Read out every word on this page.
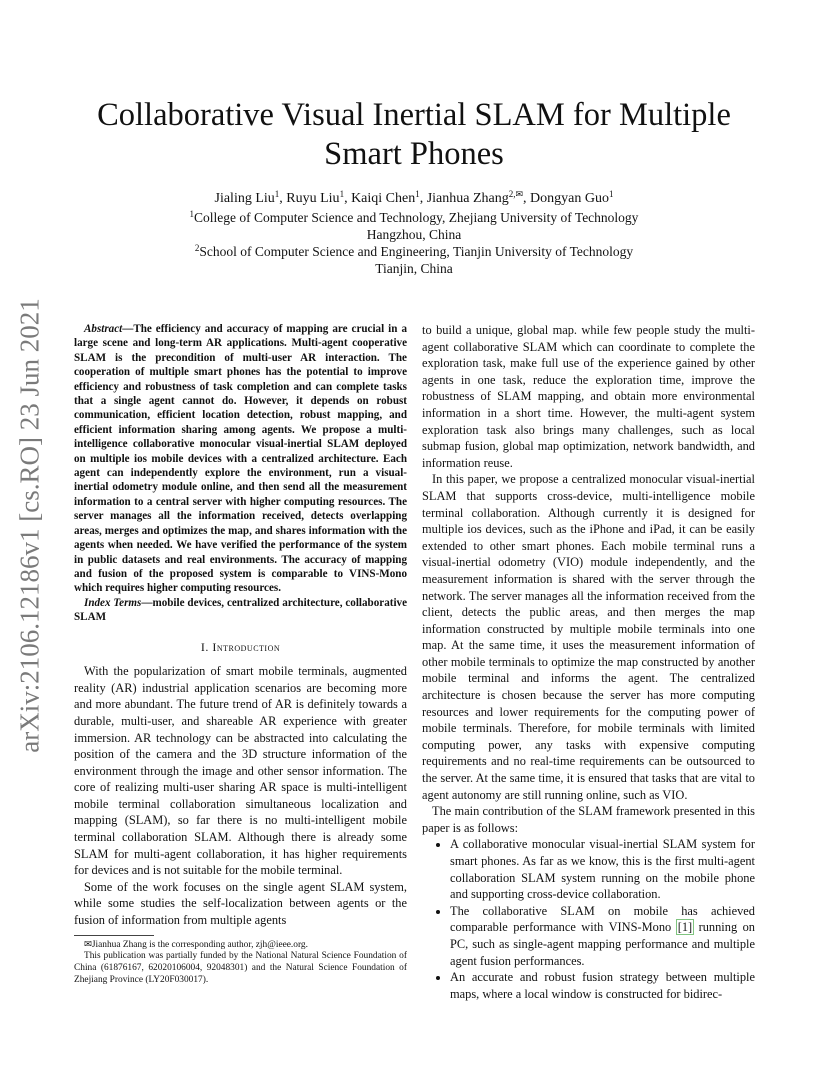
arXiv:2106.12186v1 [cs.RO] 23 Jun 2021
Collaborative Visual Inertial SLAM for Multiple
Smart Phones
Jialing Liu$^1$, Ruyu Liu$^1$, Kaiqi Chen$^1$, Jianhua Zhang$^{2,✉}$, Dongyan Guo$^1$
$^1$College of Computer Science and Technology, Zhejiang University of Technology
Hangzhou, China
$^2$School of Computer Science and Engineering, Tianjin University of Technology
Tianjin, China

Abstract—The efficiency and accuracy of mapping are crucial in a large scene and long-term AR applications. Multi-agent cooperative SLAM is the precondition of multi-user AR interaction. The cooperation of multiple smart phones has the potential to improve efficiency and robustness of task completion and can complete tasks that a single agent cannot do. However, it depends on robust communication, efficient location detection, robust mapping, and efficient information sharing among agents. We propose a multi-intelligence collaborative monocular visual-inertial SLAM deployed on multiple ios mobile devices with a centralized architecture. Each agent can independently explore the environment, run a visual-inertial odometry module online, and then send all the measurement information to a central server with higher computing resources. The server manages all the information received, detects overlapping areas, merges and optimizes the map, and shares information with the agents when needed. We have verified the performance of the system in public datasets and real environments. The accuracy of mapping and fusion of the proposed system is comparable to VINS-Mono which requires higher computing resources.

Index Terms—mobile devices, centralized architecture, collaborative SLAM

I. Introduction

With the popularization of smart mobile terminals, augmented reality (AR) industrial application scenarios are becoming more and more abundant. The future trend of AR is definitely towards a durable, multi-user, and shareable AR experience with greater immersion. AR technology can be abstracted into calculating the position of the camera and the 3D structure information of the environment through the image and other sensor information. The core of realizing multi-user sharing AR space is multi-intelligent mobile terminal collaboration simultaneous localization and mapping (SLAM), so far there is no multi-intelligent mobile terminal collaboration SLAM. Although there is already some SLAM for multi-agent collaboration, it has higher requirements for devices and is not suitable for the mobile terminal.

Some of the work focuses on the single agent SLAM system, while some studies the self-localization between agents or the fusion of information from multiple agents

✉Jianhua Zhang is the corresponding author, zjh@ieee.org.
This publication was partially funded by the National Natural Science Foundation of China (61876167, 62020106004, 92048301) and the Natural Science Foundation of Zhejiang Province (LY20F030017).

to build a unique, global map. while few people study the multi-agent collaborative SLAM which can coordinate to complete the exploration task, make full use of the experience gained by other agents in one task, reduce the exploration time, improve the robustness of SLAM mapping, and obtain more environmental information in a short time. However, the multi-agent system exploration task also brings many challenges, such as local submap fusion, global map optimization, network bandwidth, and information reuse.

In this paper, we propose a centralized monocular visual-inertial SLAM that supports cross-device, multi-intelligence mobile terminal collaboration. Although currently it is designed for multiple ios devices, such as the iPhone and iPad, it can be easily extended to other smart phones. Each mobile terminal runs a visual-inertial odometry (VIO) module independently, and the measurement information is shared with the server through the network. The server manages all the information received from the client, detects the public areas, and then merges the map information constructed by multiple mobile terminals into one map. At the same time, it uses the measurement information of other mobile terminals to optimize the map constructed by another mobile terminal and informs the agent. The centralized architecture is chosen because the server has more computing resources and lower requirements for the computing power of mobile terminals. Therefore, for mobile terminals with limited computing power, any tasks with expensive computing requirements and no real-time requirements can be outsourced to the server. At the same time, it is ensured that tasks that are vital to agent autonomy are still running online, such as VIO.

The main contribution of the SLAM framework presented in this paper is as follows:

• A collaborative monocular visual-inertial SLAM system for smart phones. As far as we know, this is the first multi-agent collaboration SLAM system running on the mobile phone and supporting cross-device collaboration.
• The collaborative SLAM on mobile has achieved comparable performance with VINS-Mono [1] running on PC, such as single-agent mapping performance and multiple agent fusion performances.
• An accurate and robust fusion strategy between multiple maps, where a local window is constructed for bidirec-
